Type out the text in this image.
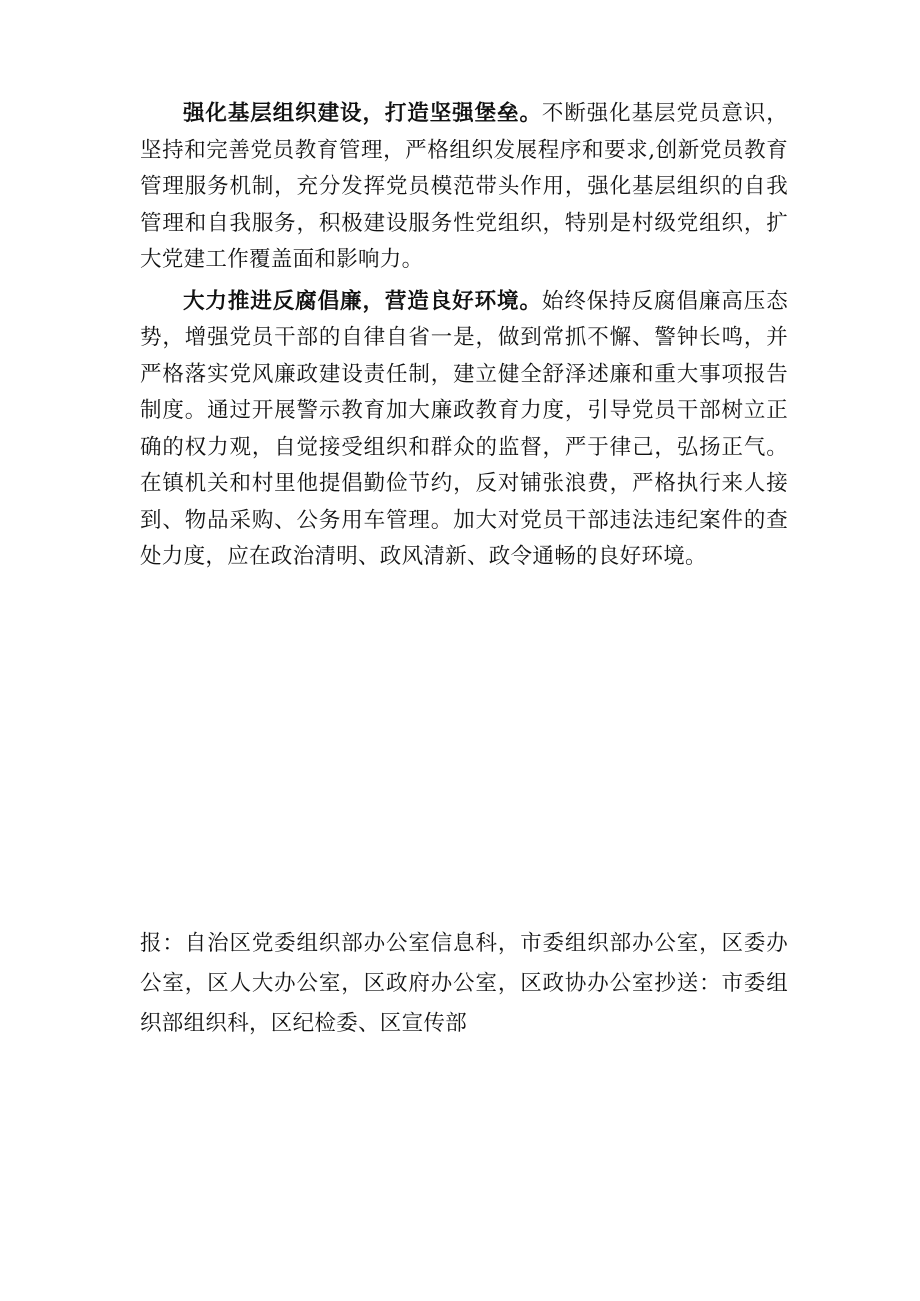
强化基层组织建设，打造坚强堡垒。不断强化基层党员意识，坚持和完善党员教育管理，严格组织发展程序和要求,创新党员教育管理服务机制，充分发挥党员模范带头作用，强化基层组织的自我管理和自我服务，积极建设服务性党组织，特别是村级党组织，扩大党建工作覆盖面和影响力。

大力推进反腐倡廉，营造良好环境。始终保持反腐倡廉高压态势，增强党员干部的自律自省一是，做到常抓不懈、警钟长鸣，并严格落实党风廉政建设责任制，建立健全舒泽述廉和重大事项报告制度。通过开展警示教育加大廉政教育力度，引导党员干部树立正确的权力观，自觉接受组织和群众的监督，严于律己，弘扬正气。在镇机关和村里他提倡勤俭节约，反对铺张浪费，严格执行来人接到、物品采购、公务用车管理。加大对党员干部违法违纪案件的查处力度，应在政治清明、政风清新、政令通畅的良好环境。

报：自治区党委组织部办公室信息科，市委组织部办公室，区委办公室，区人大办公室，区政府办公室，区政协办公室抄送：市委组织部组织科，区纪检委、区宣传部
